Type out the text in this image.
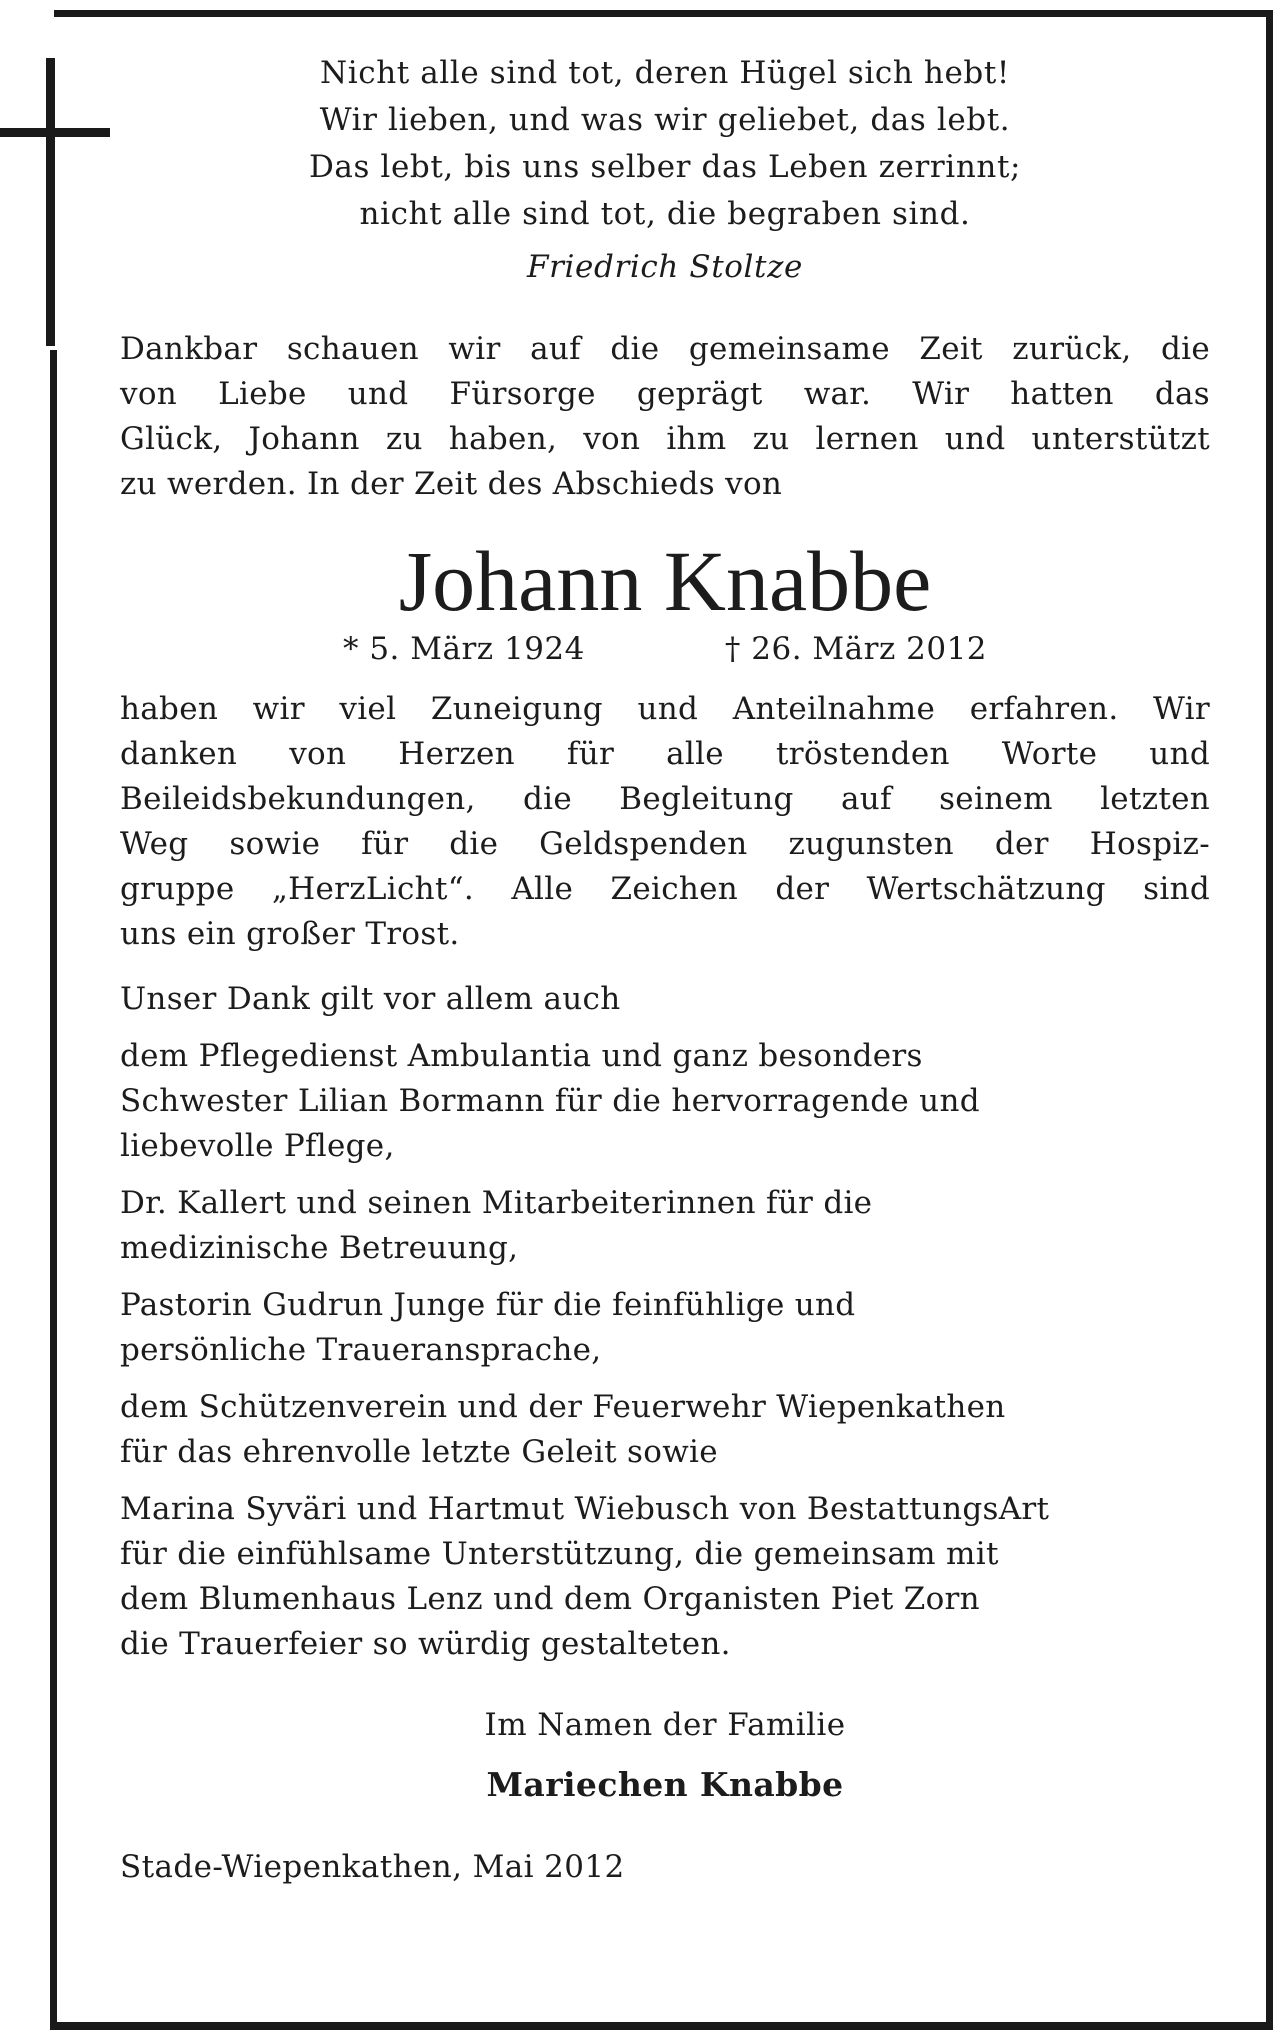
Nicht alle sind tot, deren Hügel sich hebt!
Wir lieben, und was wir geliebet, das lebt.
Das lebt, bis uns selber das Leben zerrinnt;
nicht alle sind tot, die begraben sind.
Friedrich Stoltze
Dankbar schauen wir auf die gemeinsame Zeit zurück, die
von Liebe und Fürsorge geprägt war. Wir hatten das
Glück, Johann zu haben, von ihm zu lernen und unterstützt
zu werden. In der Zeit des Abschieds von
Johann Knabbe
* 5. März 1924	† 26. März 2012
haben wir viel Zuneigung und Anteilnahme erfahren. Wir
danken von Herzen für alle tröstenden Worte und
Beileidsbekundungen, die Begleitung auf seinem letzten
Weg sowie für die Geldspenden zugunsten der Hospiz-
gruppe „HerzLicht“. Alle Zeichen der Wertschätzung sind
uns ein großer Trost.
Unser Dank gilt vor allem auch
dem Pflegedienst Ambulantia und ganz besonders
Schwester Lilian Bormann für die hervorragende und
liebevolle Pflege,
Dr. Kallert und seinen Mitarbeiterinnen für die
medizinische Betreuung,
Pastorin Gudrun Junge für die feinfühlige und
persönliche Traueransprache,
dem Schützenverein und der Feuerwehr Wiepenkathen
für das ehrenvolle letzte Geleit sowie
Marina Syväri und Hartmut Wiebusch von BestattungsArt
für die einfühlsame Unterstützung, die gemeinsam mit
dem Blumenhaus Lenz und dem Organisten Piet Zorn
die Trauerfeier so würdig gestalteten.
Im Namen der Familie
Mariechen Knabbe
Stade-Wiepenkathen, Mai 2012
